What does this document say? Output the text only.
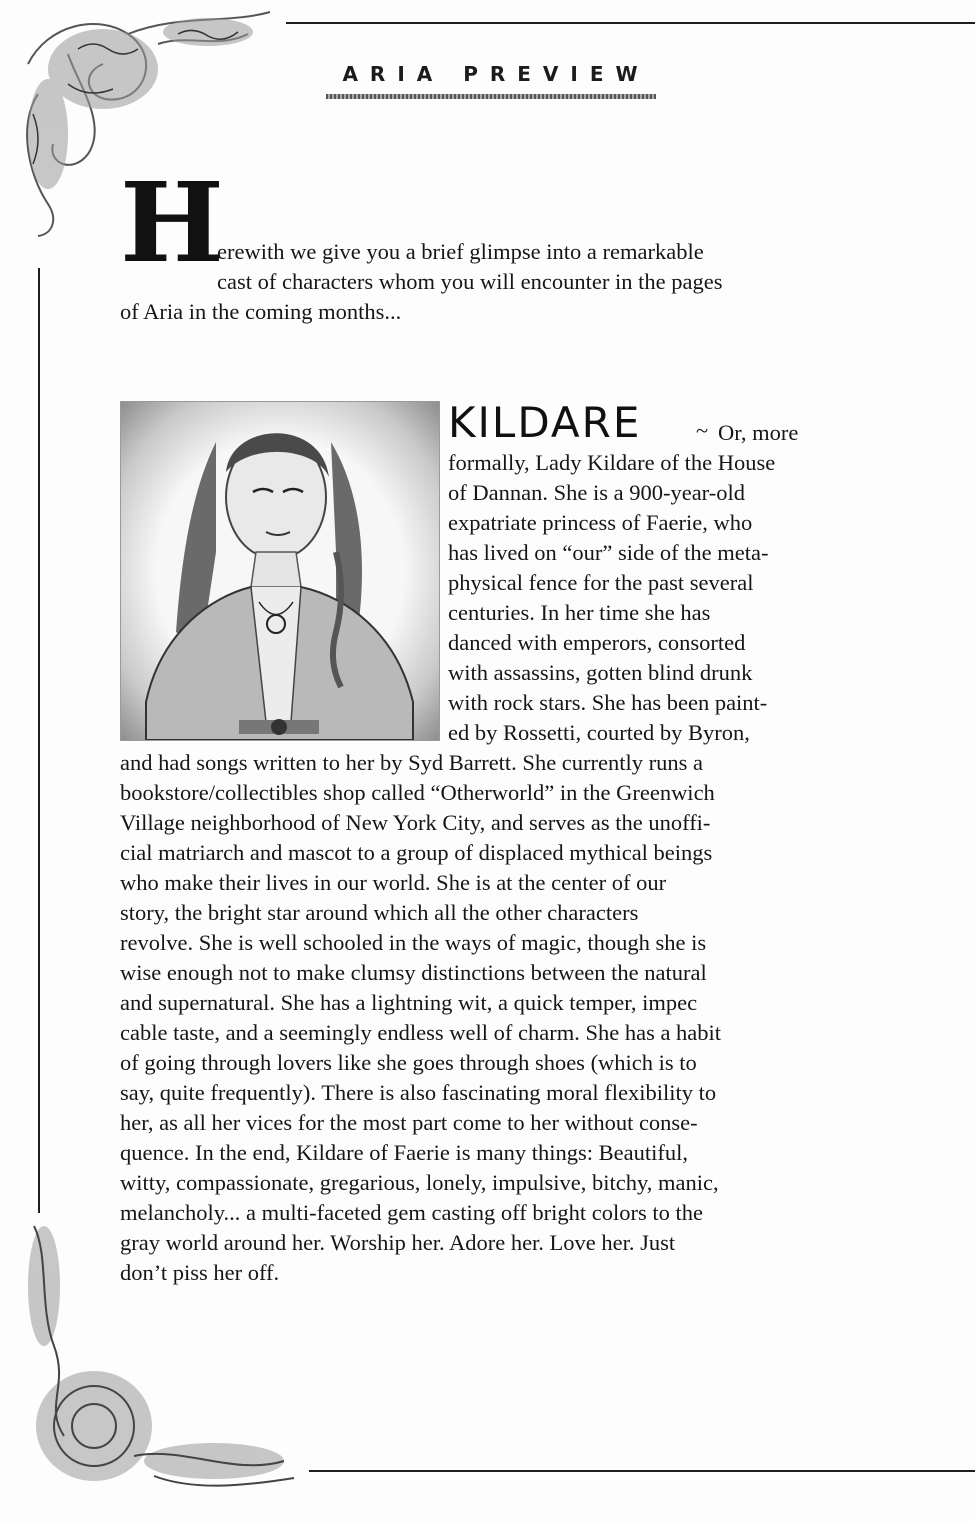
ARIA PREVIEW
H
erewith we give you a brief glimpse into a remarkable
cast of characters whom you will encounter in the pages
of Aria in the coming months...
KILDARE ~ Or, more
formally, Lady Kildare of the House
of Dannan. She is a 900-year-old
expatriate princess of Faerie, who
has lived on “our” side of the meta-
physical fence for the past several
centuries. In her time she has
danced with emperors, consorted
with assassins, gotten blind drunk
with rock stars. She has been paint-
ed by Rossetti, courted by Byron,
and had songs written to her by Syd Barrett. She currently runs a
bookstore/collectibles shop called “Otherworld” in the Greenwich
Village neighborhood of New York City, and serves as the unoffi-
cial matriarch and mascot to a group of displaced mythical beings
who make their lives in our world. She is at the center of our
story, the bright star around which all the other characters
revolve. She is well schooled in the ways of magic, though she is
wise enough not to make clumsy distinctions between the natural
and supernatural. She has a lightning wit, a quick temper, impec
cable taste, and a seemingly endless well of charm. She has a habit
of going through lovers like she goes through shoes (which is to
say, quite frequently). There is also fascinating moral flexibility to
her, as all her vices for the most part come to her without conse-
quence. In the end, Kildare of Faerie is many things: Beautiful,
witty, compassionate, gregarious, lonely, impulsive, bitchy, manic,
melancholy... a multi-faceted gem casting off bright colors to the
gray world around her. Worship her. Adore her. Love her. Just
don’t piss her off.
